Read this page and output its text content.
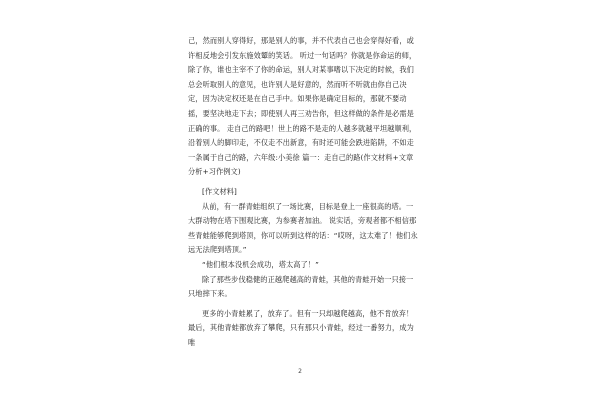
己，然而别人穿得好，那是别人的事，并不代表自己也会穿得好看，或许相反地会引发东施效颦的笑话。 听过一句话吗？你就是你命运的师，除了你，谁也主宰不了你的命运，别人对某事嗜以下决定的时候，我们总会听取别人的意见，也许别人是好意的，然而听不听就由你自己决定，因为决定权还是在自己手中。如果你是确定目标的，那就不要动摇，要坚决地走下去；即使别人再三劝告你，但这样做的条件是必需是正确的事。 走自己的路吧！世上的路不是走的人越多就越平坦越顺利，沿着别人的脚印走，不仅走不出新意，有时还可能会跌进陷阱，不如走一条属于自己的路，六年级:小美徐 篇一：走自己的路(作文材料+文章分析+习作例文)

[作文材料]

从前，有一群青蛙组织了一场比赛，目标是登上一座很高的塔。一大群动物在塔下围观比赛，为参赛者加油。 说实话，旁观者都不相信那些青蛙能够爬到塔顶，你可以听到这样的话：“哎呀，这太难了！他们永远无法爬到塔顶。”

“他们根本没机会成功，塔太高了！”

除了那些步伐稳健的正越爬越高的青蛙，其他的青蛙开始一只接一只地摔下来。

更多的小青蛙累了，放弃了。但有一只却越爬越高，他不肯放弃！最后，其他青蛙都放弃了攀爬，只有那只小青蛙，经过一番努力，成为唯

2
